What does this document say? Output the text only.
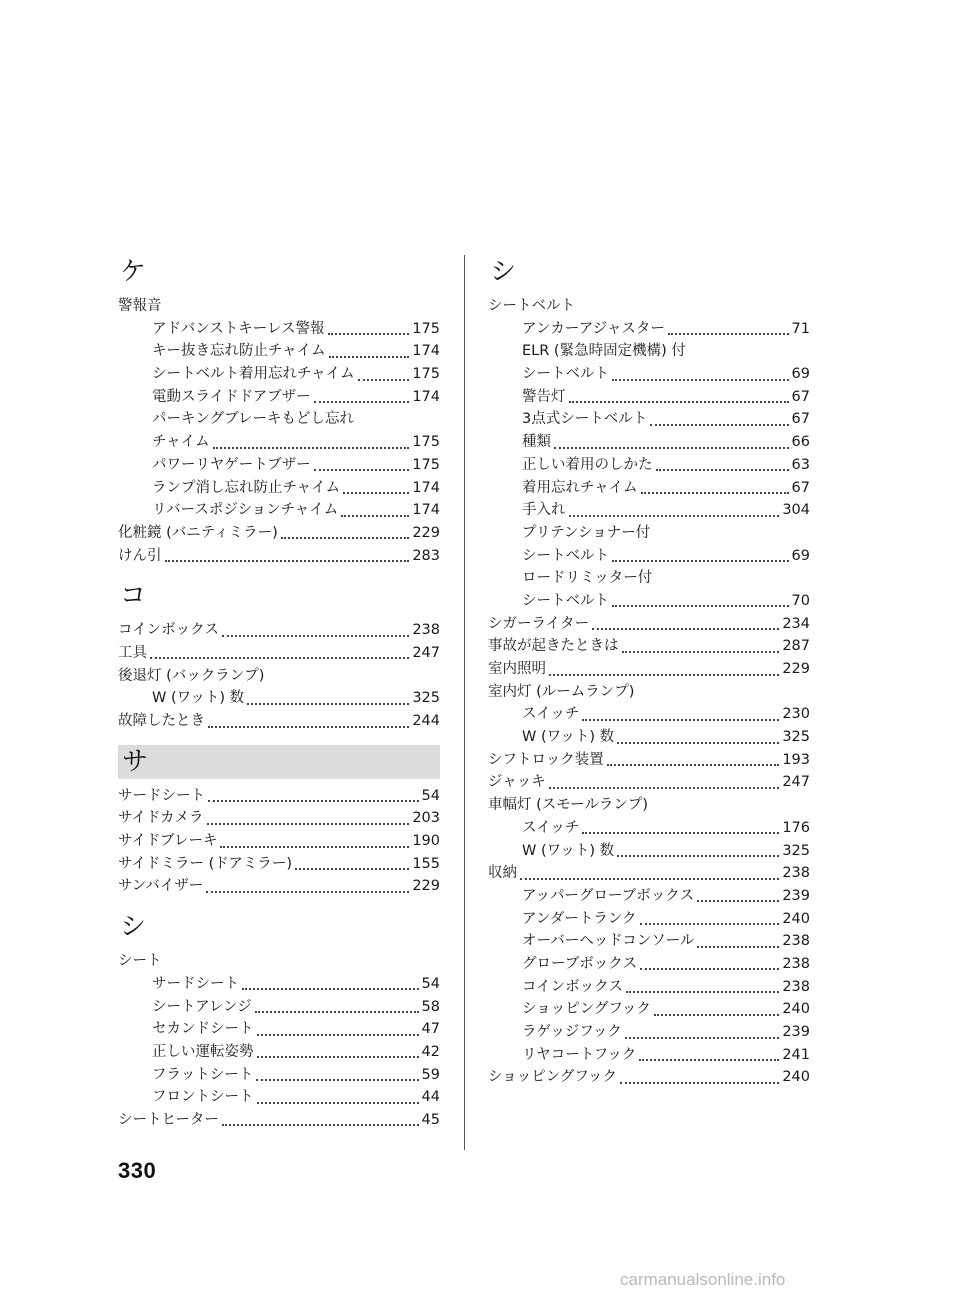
ケ
警報音
アドバンストキーレス警報	175
キー抜き忘れ防止チャイム	174
シートベルト着用忘れチャイム	175
電動スライドドアブザー	174
パーキングブレーキもどし忘れ
チャイム	175
パワーリヤゲートブザー	175
ランプ消し忘れ防止チャイム	174
リバースポジションチャイム	174
化粧鏡 (バニティミラー)	229
けん引	283
コ
コインボックス	238
工具	247
後退灯 (バックランプ)
W (ワット) 数	325
故障したとき	244
サ
サードシート	54
サイドカメラ	203
サイドブレーキ	190
サイドミラー (ドアミラー)	155
サンバイザー	229
シ
シート
サードシート	54
シートアレンジ	58
セカンドシート	47
正しい運転姿勢	42
フラットシート	59
フロントシート	44
シートヒーター	45
シ
シートベルト
アンカーアジャスター	71
ELR (緊急時固定機構) 付
シートベルト	69
警告灯	67
3点式シートベルト	67
種類	66
正しい着用のしかた	63
着用忘れチャイム	67
手入れ	304
プリテンショナー付
シートベルト	69
ロードリミッター付
シートベルト	70
シガーライター	234
事故が起きたときは	287
室内照明	229
室内灯 (ルームランプ)
スイッチ	230
W (ワット) 数	325
シフトロック装置	193
ジャッキ	247
車幅灯 (スモールランプ)
スイッチ	176
W (ワット) 数	325
収納	238
アッパーグローブボックス	239
アンダートランク	240
オーバーヘッドコンソール	238
グローブボックス	238
コインボックス	238
ショッピングフック	240
ラゲッジフック	239
リヤコートフック	241
ショッピングフック	240
330
carmanualsonline.info
